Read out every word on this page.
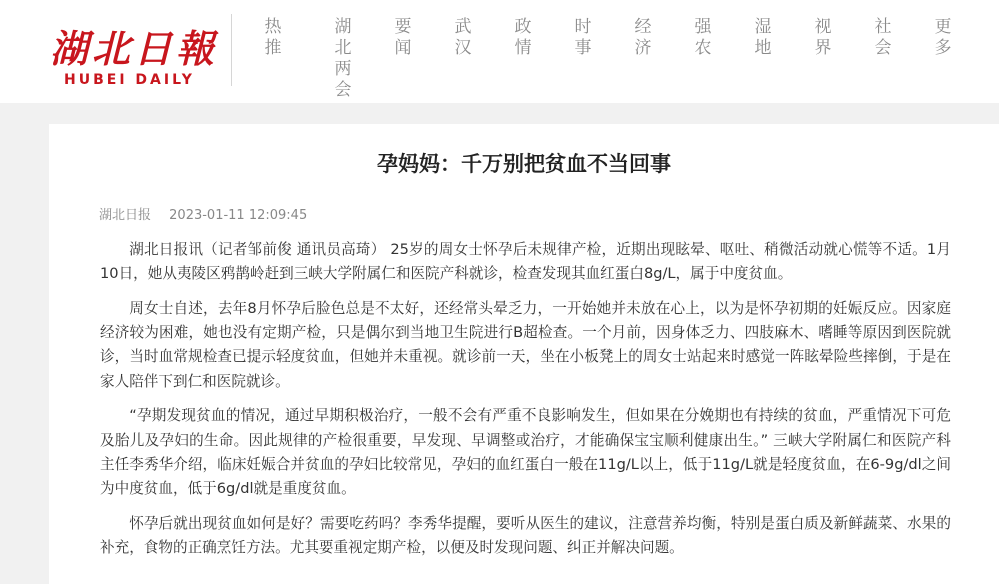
湖北日報
HUBEI DAILY
热推
湖北两会
要闻
武汉
政情
时事
经济
强农
湿地
视界
社会
更多
孕妈妈：千万别把贫血不当回事
湖北日报 2023-01-11 12:09:45

湖北日报讯（记者邹前俊 通讯员高琦） 25岁的周女士怀孕后未规律产检，近期出现眩晕、呕吐、稍微活动就心慌等不适。1月10日，她从夷陵区鸦鹊岭赶到三峡大学附属仁和医院产科就诊，检查发现其血红蛋白8g/L，属于中度贫血。

周女士自述，去年8月怀孕后脸色总是不太好，还经常头晕乏力，一开始她并未放在心上，以为是怀孕初期的妊娠反应。因家庭经济较为困难，她也没有定期产检，只是偶尔到当地卫生院进行B超检查。一个月前，因身体乏力、四肢麻木、嗜睡等原因到医院就诊，当时血常规检查已提示轻度贫血，但她并未重视。就诊前一天，坐在小板凳上的周女士站起来时感觉一阵眩晕险些摔倒，于是在家人陪伴下到仁和医院就诊。

“孕期发现贫血的情况，通过早期积极治疗，一般不会有严重不良影响发生，但如果在分娩期也有持续的贫血，严重情况下可危及胎儿及孕妇的生命。因此规律的产检很重要，早发现、早调整或治疗，才能确保宝宝顺利健康出生。” 三峡大学附属仁和医院产科主任李秀华介绍，临床妊娠合并贫血的孕妇比较常见，孕妇的血红蛋白一般在11g/L以上，低于11g/L就是轻度贫血，在6-9g/dl之间为中度贫血，低于6g/dl就是重度贫血。

怀孕后就出现贫血如何是好？需要吃药吗？李秀华提醒，要听从医生的建议，注意营养均衡，特别是蛋白质及新鲜蔬菜、水果的补充，食物的正确烹饪方法。尤其要重视定期产检，以便及时发现问题、纠正并解决问题。
